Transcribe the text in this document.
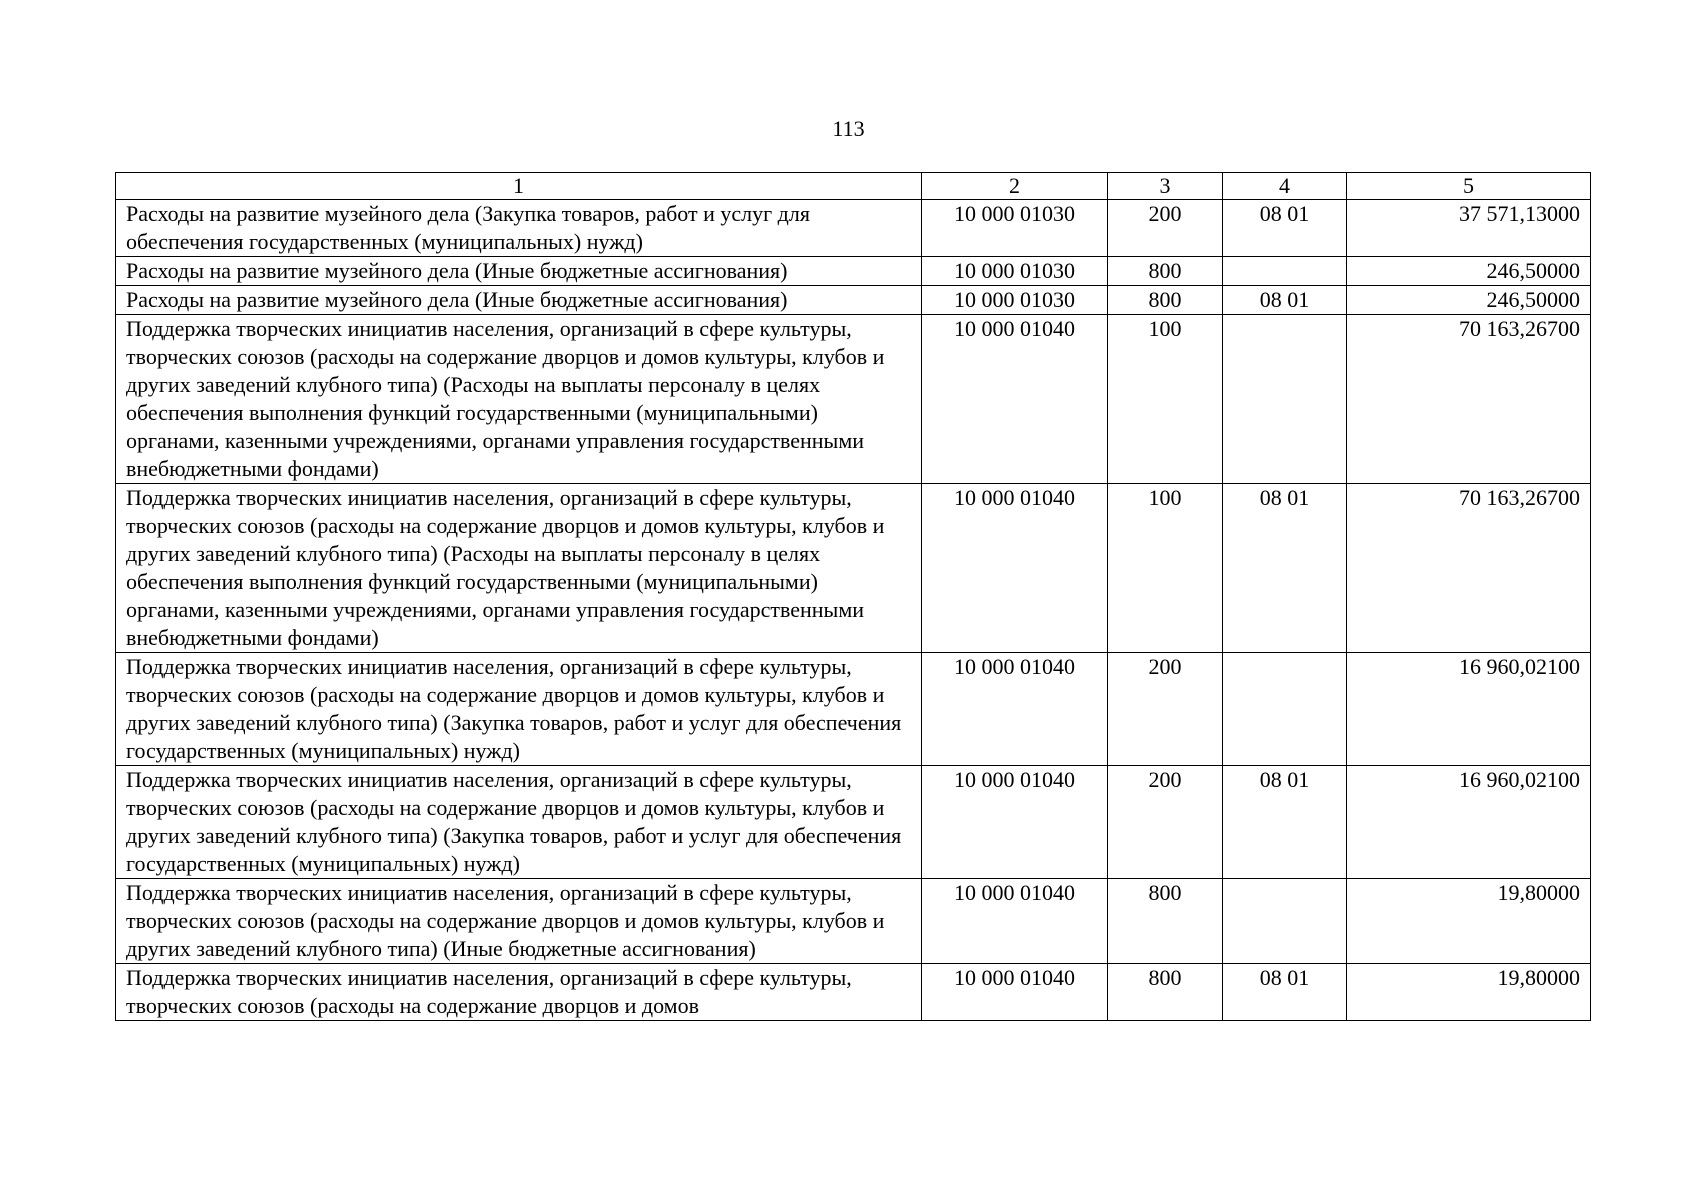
113
1	2	3	4	5
Расходы на развитие музейного дела (Закупка товаров, работ и услуг для обеспечения государственных (муниципальных) нужд)	10 000 01030	200	08 01	37 571,13000
Расходы на развитие музейного дела (Иные бюджетные ассигнования)	10 000 01030	800		246,50000
Расходы на развитие музейного дела (Иные бюджетные ассигнования)	10 000 01030	800	08 01	246,50000
Поддержка творческих инициатив населения, организаций в сфере культуры, творческих союзов (расходы на содержание дворцов и домов культуры, клубов и других заведений клубного типа) (Расходы на выплаты персоналу в целях обеспечения выполнения функций государственными (муниципальными) органами, казенными учреждениями, органами управления государственными внебюджетными фондами)	10 000 01040	100		70 163,26700
Поддержка творческих инициатив населения, организаций в сфере культуры, творческих союзов (расходы на содержание дворцов и домов культуры, клубов и других заведений клубного типа) (Расходы на выплаты персоналу в целях обеспечения выполнения функций государственными (муниципальными) органами, казенными учреждениями, органами управления государственными внебюджетными фондами)	10 000 01040	100	08 01	70 163,26700
Поддержка творческих инициатив населения, организаций в сфере культуры, творческих союзов (расходы на содержание дворцов и домов культуры, клубов и других заведений клубного типа) (Закупка товаров, работ и услуг для обеспечения государственных (муниципальных) нужд)	10 000 01040	200		16 960,02100
Поддержка творческих инициатив населения, организаций в сфере культуры, творческих союзов (расходы на содержание дворцов и домов культуры, клубов и других заведений клубного типа) (Закупка товаров, работ и услуг для обеспечения государственных (муниципальных) нужд)	10 000 01040	200	08 01	16 960,02100
Поддержка творческих инициатив населения, организаций в сфере культуры, творческих союзов (расходы на содержание дворцов и домов культуры, клубов и других заведений клубного типа) (Иные бюджетные ассигнования)	10 000 01040	800		19,80000
Поддержка творческих инициатив населения, организаций в сфере культуры, творческих союзов (расходы на содержание дворцов и домов	10 000 01040	800	08 01	19,80000
